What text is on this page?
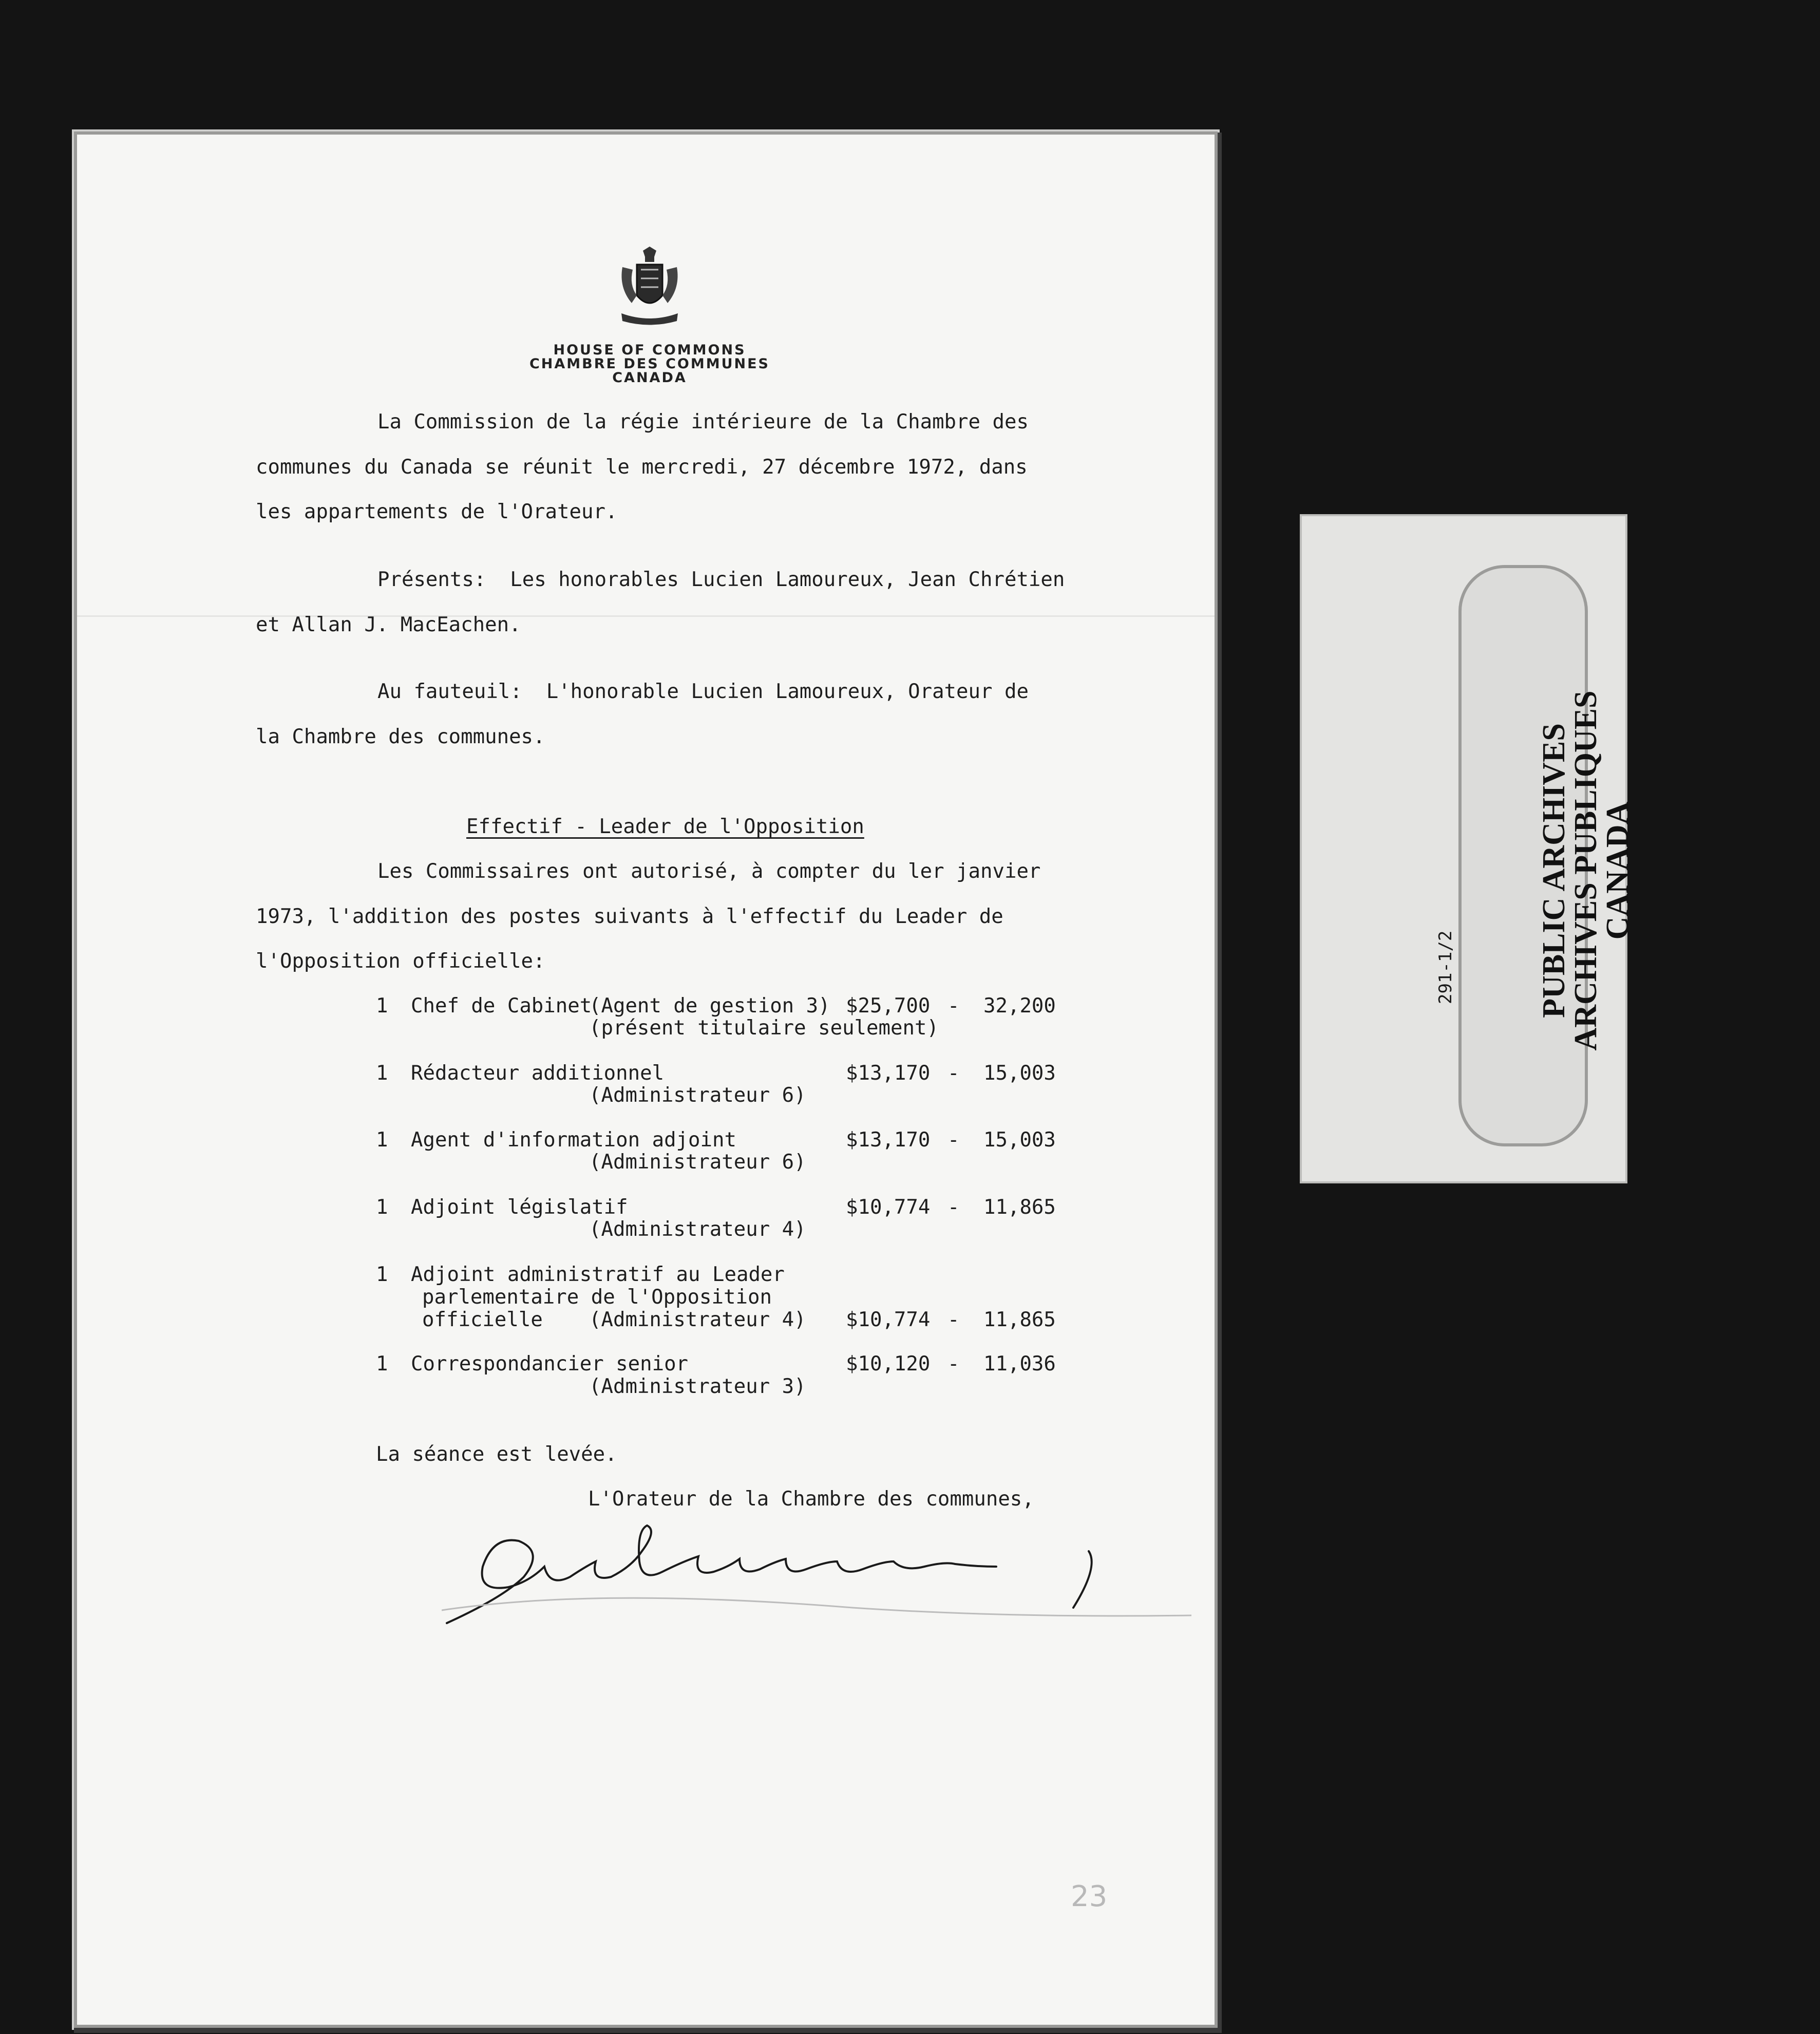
HOUSE OF COMMONS
CHAMBRE DES COMMUNES
CANADA
La Commission de la régie intérieure de la Chambre des
communes du Canada se réunit le mercredi, 27 décembre 1972, dans
les appartements de l'Orateur.
Présents:  Les honorables Lucien Lamoureux, Jean Chrétien
et Allan J. MacEachen.
Au fauteuil:  L'honorable Lucien Lamoureux, Orateur de
la Chambre des communes.
Effectif - Leader de l'Opposition
Les Commissaires ont autorisé, à compter du ler janvier
1973, l'addition des postes suivants à l'effectif du Leader de
l'Opposition officielle:
1 Chef de Cabinet
(Agent de gestion 3)
(présent titulaire seulement)
$25,700 - 32,200
1 Rédacteur additionnel
(Administrateur 6)
$13,170 - 15,003
1 Agent d'information adjoint
(Administrateur 6)
$13,170 - 15,003
1 Adjoint législatif
(Administrateur 4)
$10,774 - 11,865
1 Adjoint administratif au Leader
parlementaire de l'Opposition
officielle (Administrateur 4) $10,774 - 11,865
1 Correspondancier senior
(Administrateur 3)
$10,120 - 11,036
La séance est levée.
L'Orateur de la Chambre des communes,
23
PUBLIC ARCHIVES
ARCHIVES PUBLIQUES
CANADA
291-1/2
